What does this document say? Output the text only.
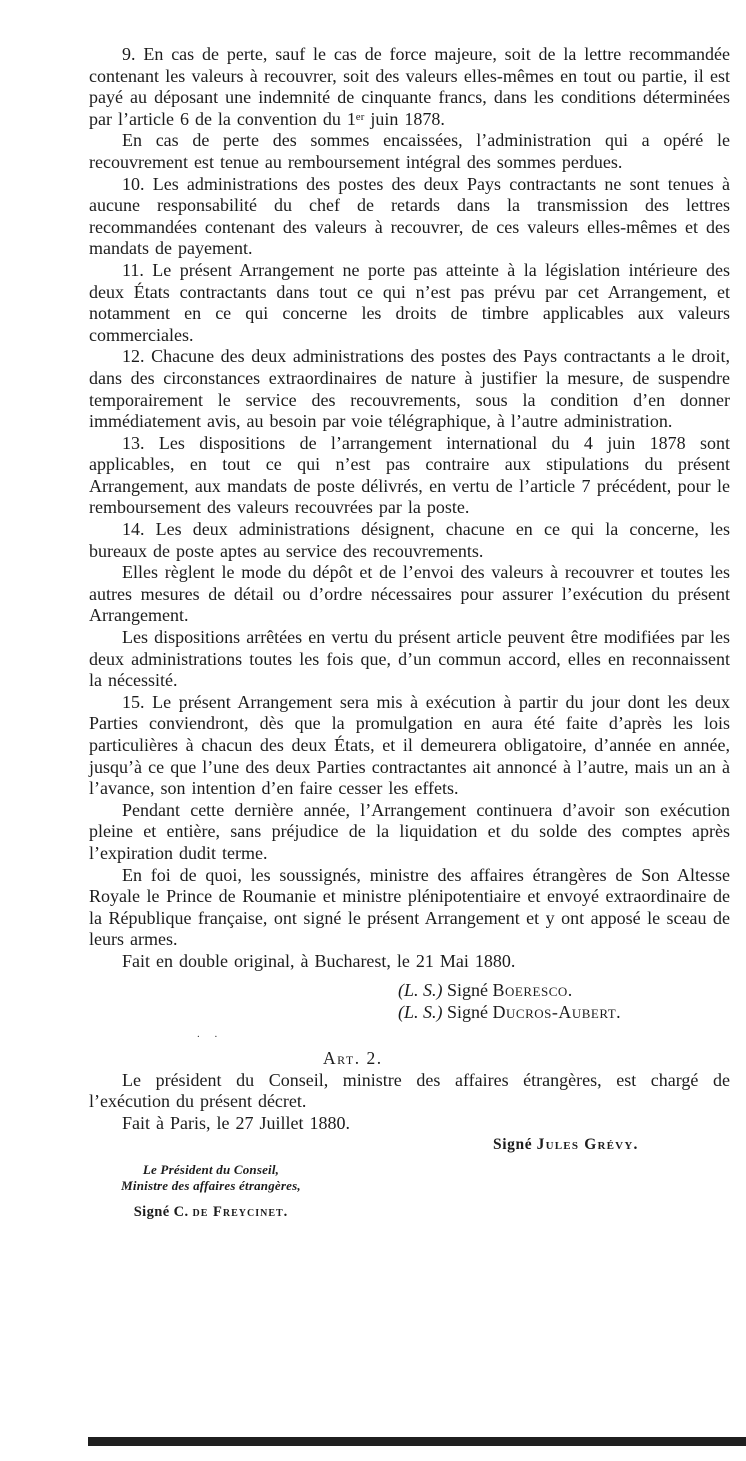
9. En cas de perte, sauf le cas de force majeure, soit de la lettre recommandée contenant les valeurs à recouvrer, soit des valeurs elles-mêmes en tout ou partie, il est payé au déposant une indemnité de cinquante francs, dans les conditions déterminées par l’article 6 de la convention du 1ᵉʳ juin 1878.

En cas de perte des sommes encaissées, l’administration qui a opéré le recouvrement est tenue au remboursement intégral des sommes perdues.

10. Les administrations des postes des deux Pays contractants ne sont tenues à aucune responsabilité du chef de retards dans la transmission des lettres recommandées contenant des valeurs à recouvrer, de ces valeurs elles-mêmes et des mandats de payement.

11. Le présent Arrangement ne porte pas atteinte à la législation intérieure des deux États contractants dans tout ce qui n’est pas prévu par cet Arrangement, et notamment en ce qui concerne les droits de timbre applicables aux valeurs commerciales.

12. Chacune des deux administrations des postes des Pays contractants a le droit, dans des circonstances extraordinaires de nature à justifier la mesure, de suspendre temporairement le service des recouvrements, sous la condition d’en donner immédiatement avis, au besoin par voie télégraphique, à l’autre administration.

13. Les dispositions de l’arrangement international du 4 juin 1878 sont applicables, en tout ce qui n’est pas contraire aux stipulations du présent Arrangement, aux mandats de poste délivrés, en vertu de l’article 7 précédent, pour le remboursement des valeurs recouvrées par la poste.

14. Les deux administrations désignent, chacune en ce qui la concerne, les bureaux de poste aptes au service des recouvrements.

Elles règlent le mode du dépôt et de l’envoi des valeurs à recouvrer et toutes les autres mesures de détail ou d’ordre nécessaires pour assurer l’exécution du présent Arrangement.

Les dispositions arrêtées en vertu du présent article peuvent être modifiées par les deux administrations toutes les fois que, d’un commun accord, elles en reconnaissent la nécessité.

15. Le présent Arrangement sera mis à exécution à partir du jour dont les deux Parties conviendront, dès que la promulgation en aura été faite d’après les lois particulières à chacun des deux États, et il demeurera obligatoire, d’année en année, jusqu’à ce que l’une des deux Parties contractantes ait annoncé à l’autre, mais un an à l’avance, son intention d’en faire cesser les effets.

Pendant cette dernière année, l’Arrangement continuera d’avoir son exécution pleine et entière, sans préjudice de la liquidation et du solde des comptes après l’expiration dudit terme.

En foi de quoi, les soussignés, ministre des affaires étrangères de Son Altesse Royale le Prince de Roumanie et ministre plénipotentiaire et envoyé extraordinaire de la République française, ont signé le présent Arrangement et y ont apposé le sceau de leurs armes.

Fait en double original, à Bucharest, le 21 Mai 1880.

(L. S.) Signé Boeresco.
(L. S.) Signé Ducros-Aubert.
. .
Art. 2.

Le président du Conseil, ministre des affaires étrangères, est chargé de l’exécution du présent décret.

Fait à Paris, le 27 Juillet 1880.

Signé Jules Grévy.
Le Président du Conseil,
Ministre des affaires étrangères,
Signé C. de Freycinet.
